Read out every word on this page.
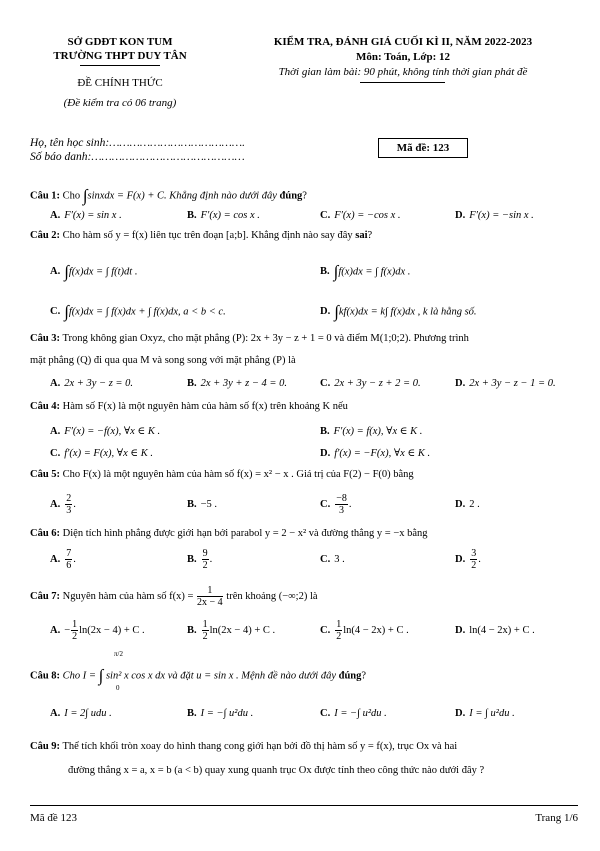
SỞ GDĐT KON TUM
TRƯỜNG THPT DUY TÂN
ĐỀ CHÍNH THỨC
(Đề kiểm tra có 06 trang)
KIỂM TRA, ĐÁNH GIÁ CUỐI KÌ II, NĂM 2022-2023
Môn: Toán, Lớp: 12
Thời gian làm bài: 90 phút, không tính thời gian phát đề
Họ, tên học sinh:………………………………….
Số báo danh:………………………………………
Mã đề: 123
Câu 1: Cho ∫sinxdx = F(x) + C. Khẳng định nào dưới đây đúng?
A. F′(x) = sin x .	B. F′(x) = cos x .	C. F′(x) = −cos x .	D. F′(x) = −sin x .
Câu 2: Cho hàm số y = f(x) liên tục trên đoạn [a;b]. Khẳng định nào say đây sai?
A. ∫f(x)dx = ∫ f(t)dt .	B. ∫f(x)dx = ∫ f(x)dx .
C. ∫f(x)dx = ∫ f(x)dx + ∫ f(x)dx, a < b < c.	D. ∫kf(x)dx = k∫ f(x)dx , k là hằng số.
Câu 3: Trong không gian Oxyz, cho mặt phẳng (P): 2x + 3y − z + 1 = 0 và điểm M(1;0;2). Phương trình
mặt phẳng (Q) đi qua qua M và song song với mặt phẳng (P) là
A. 2x + 3y − z = 0.	B. 2x + 3y + z − 4 = 0.	C. 2x + 3y − z + 2 = 0.	D. 2x + 3y − z − 1 = 0.
Câu 4: Hàm số F(x) là một nguyên hàm của hàm số f(x) trên khoảng K nếu
A. F′(x) = −f(x), ∀x ∈ K .	B. F′(x) = f(x), ∀x ∈ K .
C. f′(x) = F(x), ∀x ∈ K .	D. f′(x) = −F(x), ∀x ∈ K .
Câu 5: Cho F(x) là một nguyên hàm của hàm số f(x) = x² − x . Giá trị của F(2) − F(0) bằng
A. $\frac{2}{3}$ .	B. −5 .	C. $\frac{-8}{3}$ .	D. 2 .
Câu 6: Diện tích hình phẳng được giới hạn bởi parabol y = 2 − x² và đường thẳng y = −x bằng
A. $\frac{7}{6}$ .	B. $\frac{9}{2}$ .	C. 3 .	D. $\frac{3}{2}$ .
Câu 7: Nguyên hàm của hàm số $f(x) = \frac{1}{2x - 4}$ trên khoảng (−∞;2) là
A. − $\frac{1}{2} \ln(2x - 4) + C$ .	B. $\frac{1}{2} \ln(2x - 4) + C$ .	C. $\frac{1}{2} \ln(4 - 2x) + C$ .	D. ln(4 − 2x) + C .
Câu 8: Cho I = ∫ sin² x cos x dx và đặt u = sin x . Mệnh đề nào dưới đây đúng?
π/2
0
A. I = 2∫ udu .	B. I = −∫ u²du .	C. I = −∫ u²du .	D. I = ∫ u²du .
Câu 9: Thể tích khối tròn xoay do hình thang cong giới hạn bởi đồ thị hàm số y = f(x), trục Ox và hai
đường thẳng x = a, x = b (a < b) quay xung quanh trục Ox được tính theo công thức nào dưới đây ?
Mã đề 123	Trang 1/6
